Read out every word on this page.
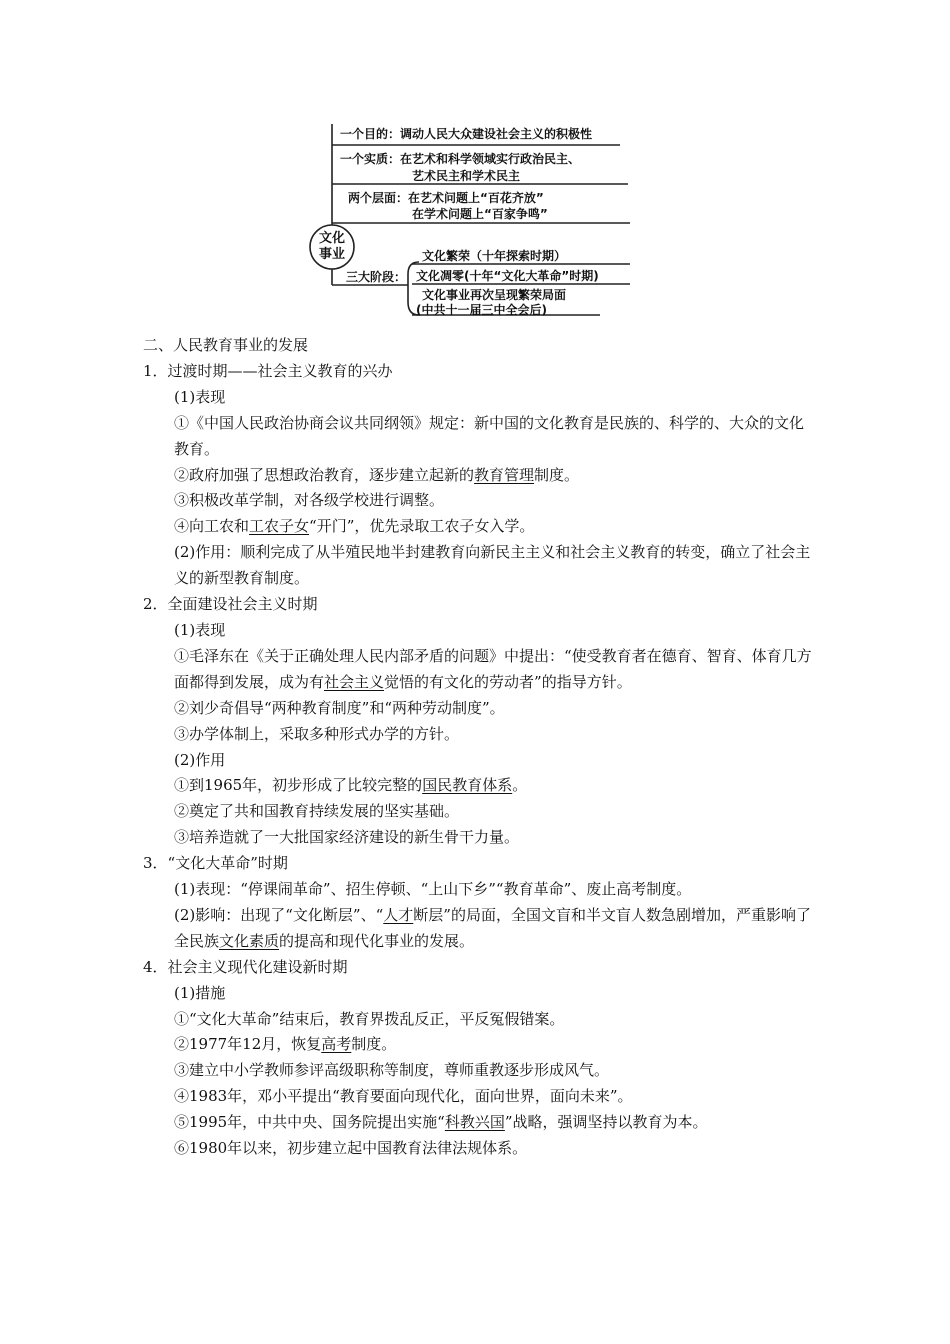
文化
事业
一个目的：调动人民大众建设社会主义的积极性
一个实质：在艺术和科学领域实行政治民主、
艺术民主和学术民主
两个层面：在艺术问题上“百花齐放”
在学术问题上“百家争鸣”
三大阶段：
文化繁荣（十年探索时期）
文化凋零(十年“文化大革命”时期)
文化事业再次呈现繁荣局面
(中共十一届三中全会后)
二、人民教育事业的发展
1．过渡时期——社会主义教育的兴办
(1)表现
①《中国人民政治协商会议共同纲领》规定：新中国的文化教育是民族的、科学的、大众的文化教育。
②政府加强了思想政治教育，逐步建立起新的教育管理制度。
③积极改革学制，对各级学校进行调整。
④向工农和工农子女“开门”，优先录取工农子女入学。
(2)作用：顺利完成了从半殖民地半封建教育向新民主主义和社会主义教育的转变，确立了社会主义的新型教育制度。
2．全面建设社会主义时期
(1)表现
①毛泽东在《关于正确处理人民内部矛盾的问题》中提出：“使受教育者在德育、智育、体育几方面都得到发展，成为有社会主义觉悟的有文化的劳动者”的指导方针。
②刘少奇倡导“两种教育制度”和“两种劳动制度”。
③办学体制上，采取多种形式办学的方针。
(2)作用
①到1965年，初步形成了比较完整的国民教育体系。
②奠定了共和国教育持续发展的坚实基础。
③培养造就了一大批国家经济建设的新生骨干力量。
3．“文化大革命”时期
(1)表现：“停课闹革命”、招生停顿、“上山下乡”“教育革命”、废止高考制度。
(2)影响：出现了“文化断层”、“人才断层”的局面，全国文盲和半文盲人数急剧增加，严重影响了全民族文化素质的提高和现代化事业的发展。
4．社会主义现代化建设新时期
(1)措施
①“文化大革命”结束后，教育界拨乱反正，平反冤假错案。
②1977年12月，恢复高考制度。
③建立中小学教师参评高级职称等制度，尊师重教逐步形成风气。
④1983年，邓小平提出“教育要面向现代化，面向世界，面向未来”。
⑤1995年，中共中央、国务院提出实施“科教兴国”战略，强调坚持以教育为本。
⑥1980年以来，初步建立起中国教育法律法规体系。
